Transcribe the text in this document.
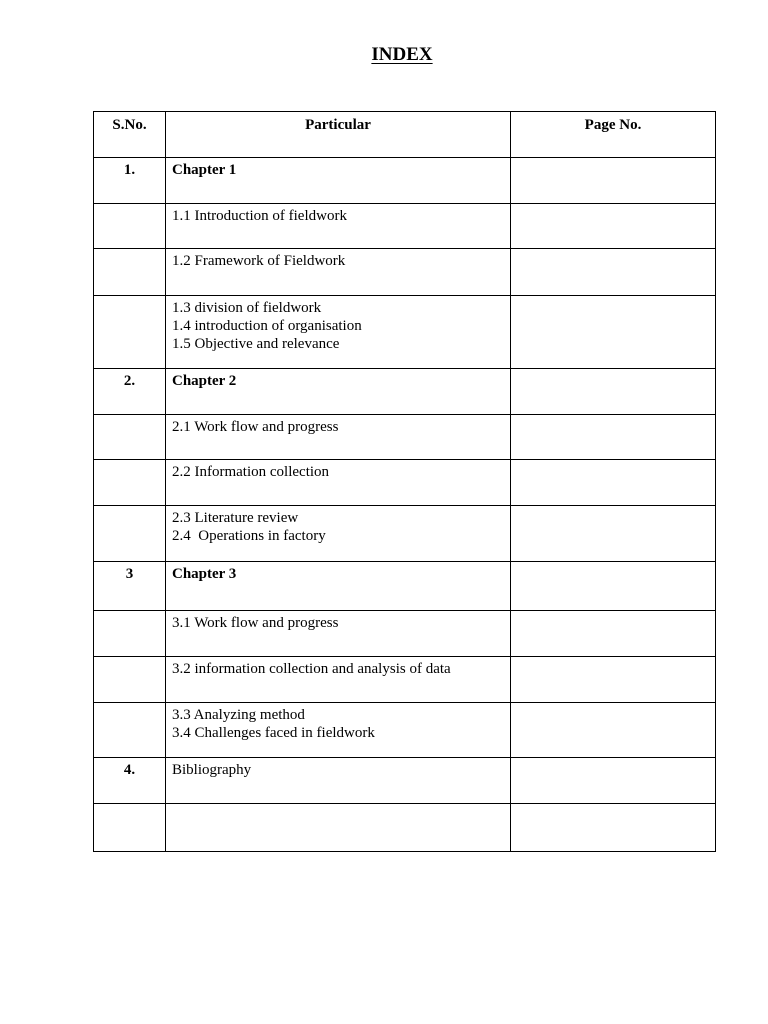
INDEX
S.No.	Particular	Page No.

1.	Chapter 1	

	1.1 Introduction of fieldwork	

	1.2 Framework of Fieldwork	

	1.3 division of fieldwork
1.4 introduction of organisation
1.5 Objective and relevance	

2.	Chapter 2	

	2.1 Work flow and progress	

	2.2 Information collection	

	2.3 Literature review
2.4  Operations in factory	

3	Chapter 3	

	3.1 Work flow and progress	

	3.2 information collection and analysis of data	

	3.3 Analyzing method
3.4 Challenges faced in fieldwork	

4.	Bibliography	
